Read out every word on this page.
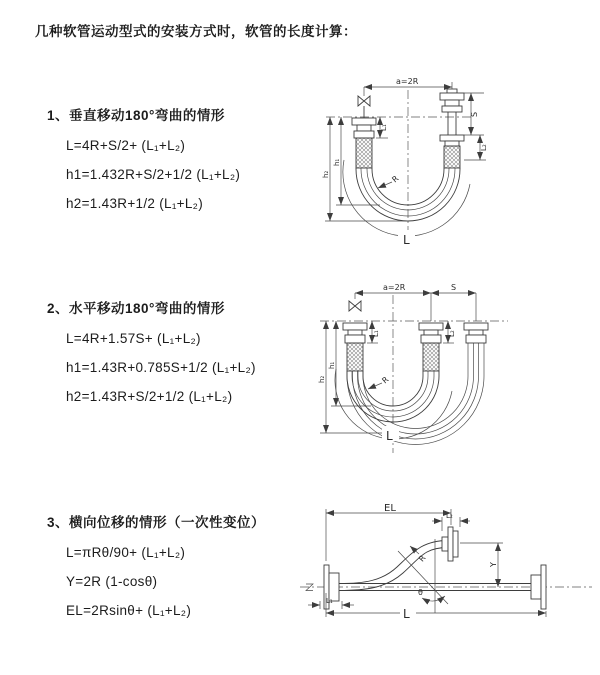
几种软管运动型式的安装方式时，软管的长度计算：
1、垂直移动180°弯曲的情形
L=4R+S/2+ (L₁+L₂)
h1=1.432R+S/2+1/2 (L₁+L₂)
h2=1.43R+1/2 (L₁+L₂)
2、水平移动180°弯曲的情形
L=4R+1.57S+ (L₁+L₂)
h1=1.43R+0.785S+1/2 (L₁+L₂)
h2=1.43R+S/2+1/2 (L₁+L₂)
3、横向位移的情形（一次性变位）
L=πRθ/90+ (L₁+L₂)
Y=2R (1-cosθ)
EL=2Rsinθ+ (L₁+L₂)
a=2R
S
L₂
L₁
h₁
h₂	R
L
a=2R	S
L₁	L₂
h₁
h₂	R
L
θ
EL
L₂
Y
R
L₁
L
